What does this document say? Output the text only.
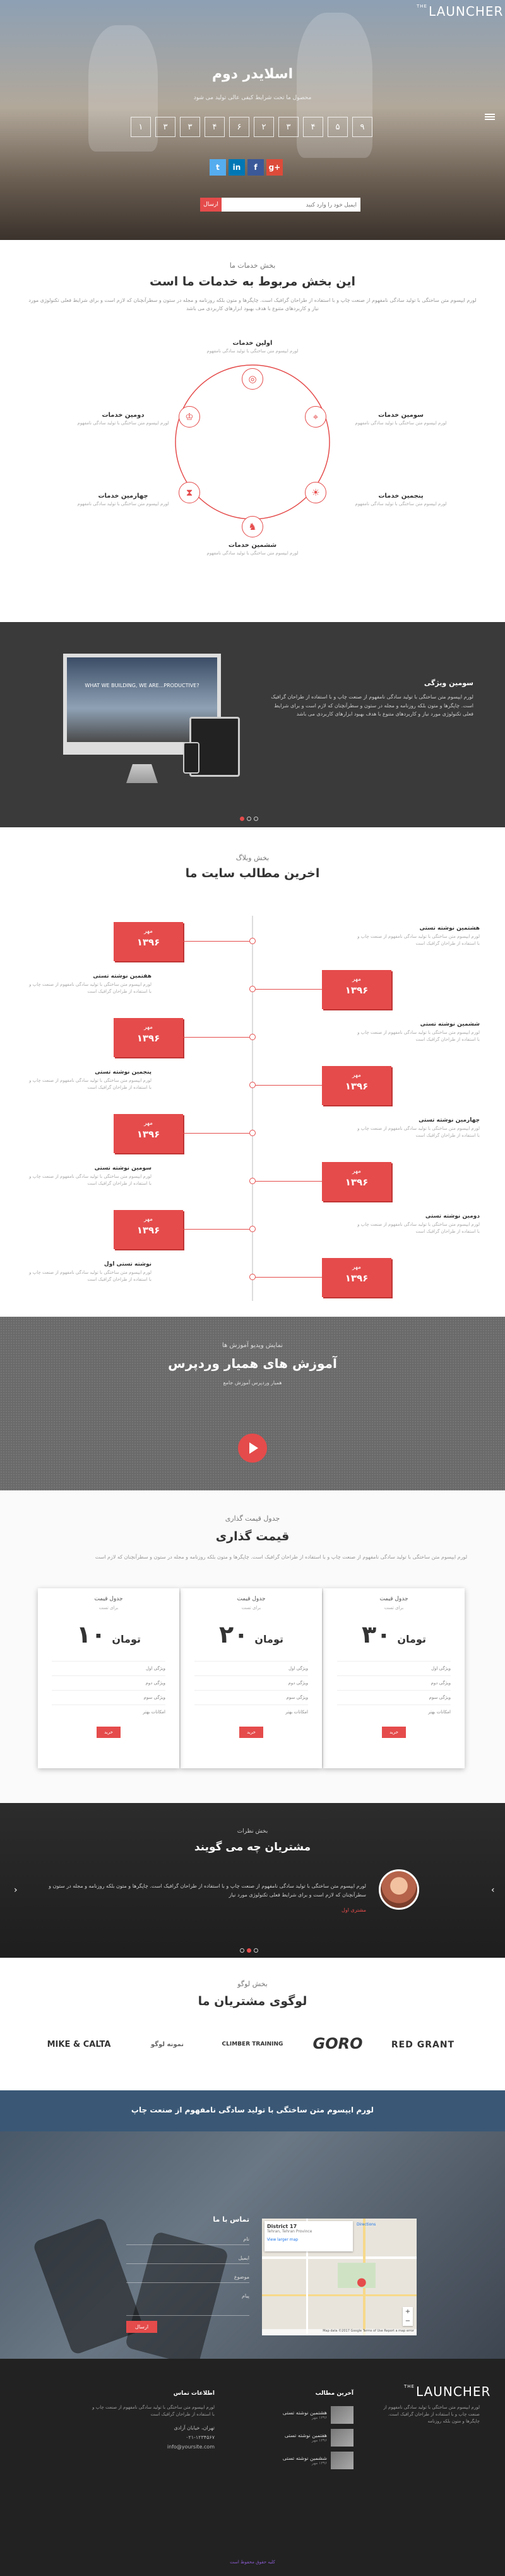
$^{THE}$ LAUNCHER
اسلایدر دوم
محصول ما تحت شرایط کیفی عالی تولید می شود
۱	۳	۳	۴	۶	۲	۳	۴	۵	۹
t	in	f	g+
ارسال
ایمیل خود را وارد کنید
بخش خدمات ما
این بخش مربوط به خدمات ما است
لورم ایپسوم متن ساختگی با تولید سادگی نامفهوم از صنعت چاپ و با استفاده از طراحان گرافیک است. چاپگرها و متون بلکه روزنامه و مجله در ستون و سطرآنچنان که لازم است و برای شرایط فعلی تکنولوژی مورد نیاز و کاربردهای متنوع با هدف بهبود ابزارهای کاربردی می باشد
◎
♔	⌖
⧗	☀
♞
اولین خدمات
لورم ایپسوم متن ساختگی با تولید سادگی نامفهوم
دومین خدمات
لورم ایپسوم متن ساختگی با تولید سادگی نامفهوم
سومین خدمات
لورم ایپسوم متن ساختگی با تولید سادگی نامفهوم
چهارمین خدمات
لورم ایپسوم متن ساختگی با تولید سادگی نامفهوم
پنجمین خدمات
لورم ایپسوم متن ساختگی با تولید سادگی نامفهوم
ششمین خدمات
لورم ایپسوم متن ساختگی با تولید سادگی نامفهوم
WHAT WE BUILDING, WE ARE...PRODUCTIVE?	سومین ویژگی
لورم ایپسوم متن ساختگی با تولید سادگی نامفهوم از صنعت چاپ و با استفاده از طراحان گرافیک است. چاپگرها و متون بلکه روزنامه و مجله در ستون و سطرآنچنان که لازم است و برای شرایط فعلی تکنولوژی مورد نیاز و کاربردهای متنوع با هدف بهبود ابزارهای کاربردی می باشد
بخش وبلاگ
اخرین مطالب سایت ما
هشتمین نوشته تستی
لورم ایپسوم متن ساختگی با تولید سادگی نامفهوم از صنعت چاپ و با استفاده از طراحان گرافیک است
مهر
۱۳۹۶
هفتمین نوشته تستی
لورم ایپسوم متن ساختگی با تولید سادگی نامفهوم از صنعت چاپ و با استفاده از طراحان گرافیک است
مهر
۱۳۹۶
ششمین نوشته تستی
لورم ایپسوم متن ساختگی با تولید سادگی نامفهوم از صنعت چاپ و با استفاده از طراحان گرافیک است
مهر
۱۳۹۶
پنجمین نوشته تستی
لورم ایپسوم متن ساختگی با تولید سادگی نامفهوم از صنعت چاپ و با استفاده از طراحان گرافیک است
مهر
۱۳۹۶
چهارمین نوشته تستی
لورم ایپسوم متن ساختگی با تولید سادگی نامفهوم از صنعت چاپ و با استفاده از طراحان گرافیک است
مهر
۱۳۹۶
سومین نوشته تستی
لورم ایپسوم متن ساختگی با تولید سادگی نامفهوم از صنعت چاپ و با استفاده از طراحان گرافیک است
مهر
۱۳۹۶
دومین نوشته تستی
لورم ایپسوم متن ساختگی با تولید سادگی نامفهوم از صنعت چاپ و با استفاده از طراحان گرافیک است
مهر
۱۳۹۶
نوشته تستی اول
لورم ایپسوم متن ساختگی با تولید سادگی نامفهوم از صنعت چاپ و با استفاده از طراحان گرافیک است
مهر
۱۳۹۶
نمایش ویدیو آموزش ها
آموزش های همیار وردپرس
همیار وردپرس آموزش جامع
جدول قیمت گذاری
قیمت گذاری
لورم ایپسوم متن ساختگی با تولید سادگی نامفهوم از صنعت چاپ و با استفاده از طراحان گرافیک است. چاپگرها و متون بلکه روزنامه و مجله در ستون و سطرآنچنان که لازم است
جدول قیمت
برای تست
۳۰ تومان
ویژگی اول
ویژگی دوم
ویژگی سوم
امکانات بهتر
خرید
جدول قیمت
برای تست
۲۰ تومان
ویژگی اول
ویژگی دوم
ویژگی سوم
امکانات بهتر
خرید
جدول قیمت
برای تست
۱۰ تومان
ویژگی اول
ویژگی دوم
ویژگی سوم
امکانات بهتر
خرید
بخش نظرات
مشتریان چه می گویند
لورم ایپسوم متن ساختگی با تولید سادگی نامفهوم از صنعت چاپ و با استفاده از طراحان گرافیک است. چاپگرها و متون بلکه روزنامه و مجله در ستون و سطرآنچنان که لازم است و برای شرایط فعلی تکنولوژی مورد نیاز
مشتری اول
›
‹
بخش لوگو
لوگوی مشتریان ما
RED GRANT
GORO
CLIMBER TRAINING
نمونه لوگو
MIKE & CALTA
لورم ایپسوم متن ساختگی با تولید سادگی نامفهوم از صنعت چاپ
تماس با ما
نام
ایمیل
موضوع
پیام
ارسال
●
District 17
Tehran, Tehran Province
View larger map
Directions
+
−
Map data ©2017 Google Terms of Use Report a map error
$^{THE}$ LAUNCHER
لورم ایپسوم متن ساختگی با تولید سادگی نامفهوم از صنعت چاپ و با استفاده از طراحان گرافیک است. چاپگرها و متون بلکه روزنامه
آخرین مطالب
هشتمین نوشته تستی
۱۳۹۶ مهر
هفتمین نوشته تستی
۱۳۹۶ مهر
ششمین نوشته تستی
۱۳۹۶ مهر
اطلاعات تماس
لورم ایپسوم متن ساختگی با تولید سادگی نامفهوم از صنعت چاپ و با استفاده از طراحان گرافیک است
تهران، خیابان آزادی
۰۲۱-۱۲۳۴۵۶۷
info@yoursite.com
کلیه حقوق محفوظ است
